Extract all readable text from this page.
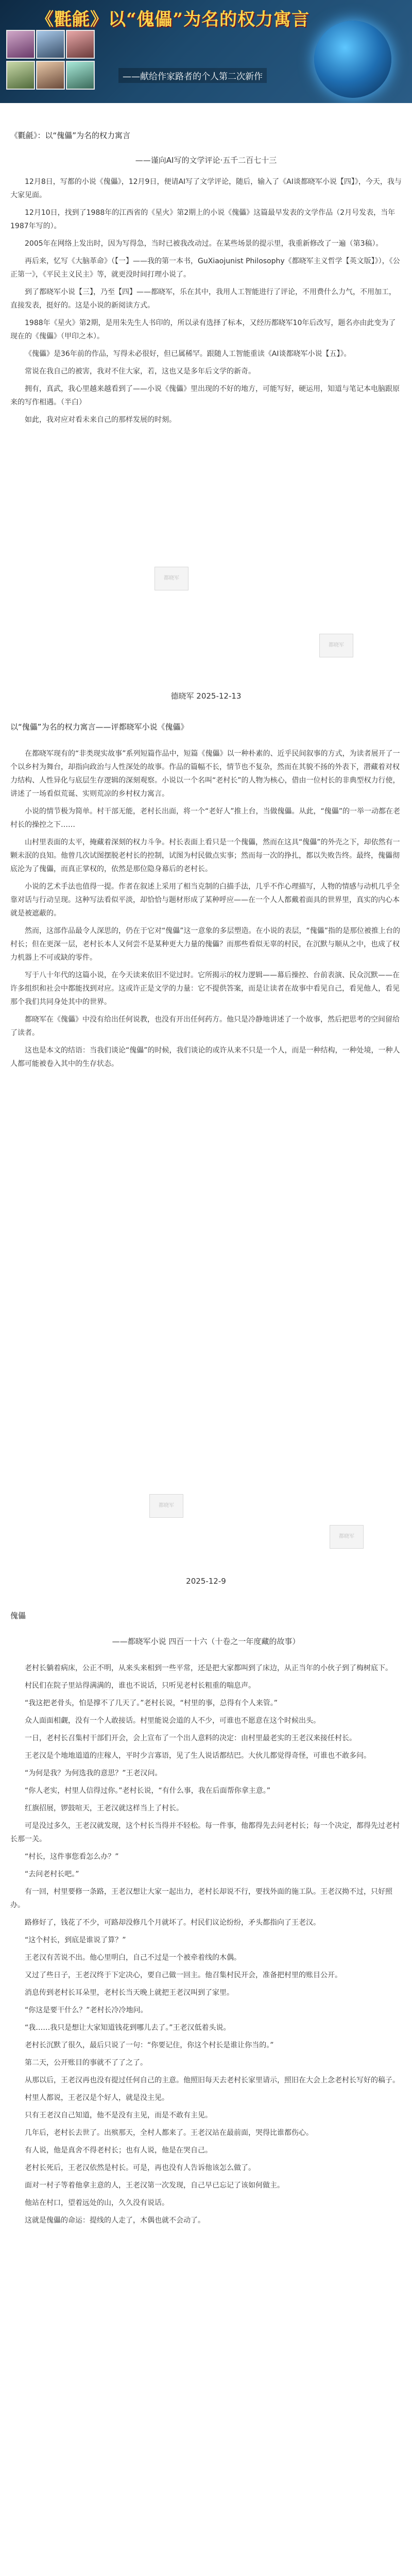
《氍毹》以“傀儡”为名的权力寓言
——献给作家路者的个人第二次新作
《氍毹》：以“傀儡”为名的权力寓言
——谨向AI写的文学评论·五千二百七十三

12月8日，写都的小说《傀儡》，12月9日，便请AI写了文学评论，随后，输入了《AI谈都晓军小说【四】》，今天，我与大家见面。

12月10日，找到了1988年的江西省的《星火》第2期上的小说《傀儡》这篇最早发表的文学作品（2月号发表，当年1987年写的）。

2005年在网络上发出时，因为写得急，当时已被我改动过。在某些场景的提示里，我重新修改了一遍（第3稿）。

再后来，忆写《大脑革命》（【一】——我的第一本书，GuXiaojunist Philosophy《都晓军主义哲学【英文版】》），《公正第一》，《平民主义民主》等，就更没时间打理小说了。

到了都晓军小说【三】，乃至【四】——都晓军，乐在其中，我用人工智能进行了评论，不用费什么力气，不用加工，直接发表，挺好的。这是小说的新阅读方式。

1988年《星火》第2期，是用朱先生人书印的，所以录有选择了标本，又经历都晓军10年后改写，题名亦由此变为了现在的《傀儡》（甲印之本）。

《傀儡》是36年前的作品，写得未必很好，但已属稀罕。跟随人工智能重读《AI谈都晓军小说【五】》。

常说在我自己的被害，我对不住大家，若，这也又是多年后文学的新奇。

拥有，真武，我心里越来越看到了——小说《傀儡》里出现的不好的地方，可能写好，硬运用，知道与笔记本电脑跟原来的写作相遇。（半白）

如此，我对应对看未来自己的那样发展的时刻。

德晓军 2025-12-13
以“傀儡”为名的权力寓言——评都晓军小说《傀儡》

在都晓军现有的“非类现实故事”系列短篇作品中，短篇《傀儡》以一种朴素的、近乎民间叙事的方式，为读者展开了一个以乡村为舞台，却指向政治与人性深处的故事。作品的篇幅不长，情节也不复杂，然而在其貌不扬的外表下，潜藏着对权力结构、人性异化与底层生存逻辑的深刻观察。小说以一个名叫“老村长”的人物为核心，借由一位村长的非典型权力行使，讲述了一场看似荒诞、实则荒凉的乡村权力寓言。

小说的情节极为简单。村干部无能，老村长出面，将一个“老好人”推上台，当做傀儡。从此，“傀儡”的一举一动都在老村长的操控之下……

山村里表面的太平，掩藏着深刻的权力斗争。村长表面上看只是一个傀儡，然而在这具“傀儡”的外壳之下，却依然有一颗未泯的良知。他曾几次试图摆脱老村长的控制，试图为村民做点实事；然而每一次的挣扎，都以失败告终。最终，傀儡彻底沦为了傀儡，而真正掌权的，依然是那位隐身幕后的老村长。

小说的艺术手法也值得一提。作者在叙述上采用了相当克制的白描手法，几乎不作心理描写，人物的情感与动机几乎全靠对话与行动呈现。这种写法看似平淡，却恰恰与题材形成了某种呼应——在一个人人都戴着面具的世界里，真实的内心本就是被遮蔽的。

然而，这部作品最令人深思的，仍在于它对“傀儡”这一意象的多层塑造。在小说的表层，“傀儡”指的是那位被推上台的村长；但在更深一层，老村长本人又何尝不是某种更大力量的傀儡？而那些看似无辜的村民，在沉默与顺从之中，也成了权力机器上不可或缺的零件。

写于八十年代的这篇小说，在今天读来依旧不觉过时。它所揭示的权力逻辑——幕后操控、台前表演、民众沉默——在许多组织和社会中都能找到对应。这或许正是文学的力量：它不提供答案，而是让读者在故事中看见自己，看见他人，看见那个我们共同身处其中的世界。

都晓军在《傀儡》中没有给出任何说教，也没有开出任何药方。他只是冷静地讲述了一个故事，然后把思考的空间留给了读者。

这也是本文的结语：当我们谈论“傀儡”的时候，我们谈论的或许从来不只是一个人，而是一种结构，一种处境，一种人人都可能被卷入其中的生存状态。

2025-12-9
傀儡
——都晓军小说 四百一十六（十卷之一年度藏的故事）

老村长躺着病床，公正不明，从来头来相到一些平常，还是把大家都叫到了床边，从正当年的小伙子到了梅树底下。

村民们在院子里站得满满的，谁也不说话，只听见老村长粗重的喘息声。

“我这把老骨头，怕是撑不了几天了。”老村长说，“村里的事，总得有个人来管。”

众人面面相觑，没有一个人敢接话。村里能说会道的人不少，可谁也不愿意在这个时候出头。

一日，老村长召集村干部们开会，会上宣布了一个出人意料的决定：由村里最老实的王老汉来接任村长。

王老汉是个地地道道的庄稼人，平时少言寡语，见了生人说话都结巴。大伙儿都觉得奇怪，可谁也不敢多问。

“为何是我？为何选我的意思？”王老汉问。

“你人老实，村里人信得过你。”老村长说，“有什么事，我在后面帮你拿主意。”

红旗招展，锣鼓喧天，王老汉就这样当上了村长。

可是没过多久，王老汉就发现，这个村长当得并不轻松。每一件事，他都得先去问老村长；每一个决定，都得先过老村长那一关。

“村长，这件事您看怎么办？”

“去问老村长吧。”

有一回，村里要修一条路，王老汉想让大家一起出力，老村长却说不行，要找外面的施工队。王老汉拗不过，只好照办。

路修好了，钱花了不少，可路却没修几个月就坏了。村民们议论纷纷，矛头都指向了王老汉。

“这个村长，到底是谁说了算？”

王老汉有苦说不出。他心里明白，自己不过是一个被牵着线的木偶。

又过了些日子，王老汉终于下定决心，要自己做一回主。他召集村民开会，准备把村里的账目公开。

消息传到老村长耳朵里，老村长当天晚上就把王老汉叫到了家里。

“你这是要干什么？”老村长冷冷地问。

“我……我只是想让大家知道钱花到哪儿去了。”王老汉低着头说。

老村长沉默了很久，最后只说了一句：“你要记住，你这个村长是谁让你当的。”

第二天，公开账目的事就不了了之了。

从那以后，王老汉再也没有提过任何自己的主意。他照旧每天去老村长家里请示，照旧在大会上念老村长写好的稿子。

村里人都说，王老汉是个好人，就是没主见。

只有王老汉自己知道，他不是没有主见，而是不敢有主见。

几年后，老村长去世了。出殡那天，全村人都来了。王老汉站在最前面，哭得比谁都伤心。

有人说，他是真舍不得老村长；也有人说，他是在哭自己。

老村长死后，王老汉依然是村长。可是，再也没有人告诉他该怎么做了。

面对一村子等着他拿主意的人，王老汉第一次发现，自己早已忘记了该如何做主。

他站在村口，望着远处的山，久久没有说话。

这就是傀儡的命运：提线的人走了，木偶也就不会动了。

都晓军
都晓军
都晓军
都晓军
